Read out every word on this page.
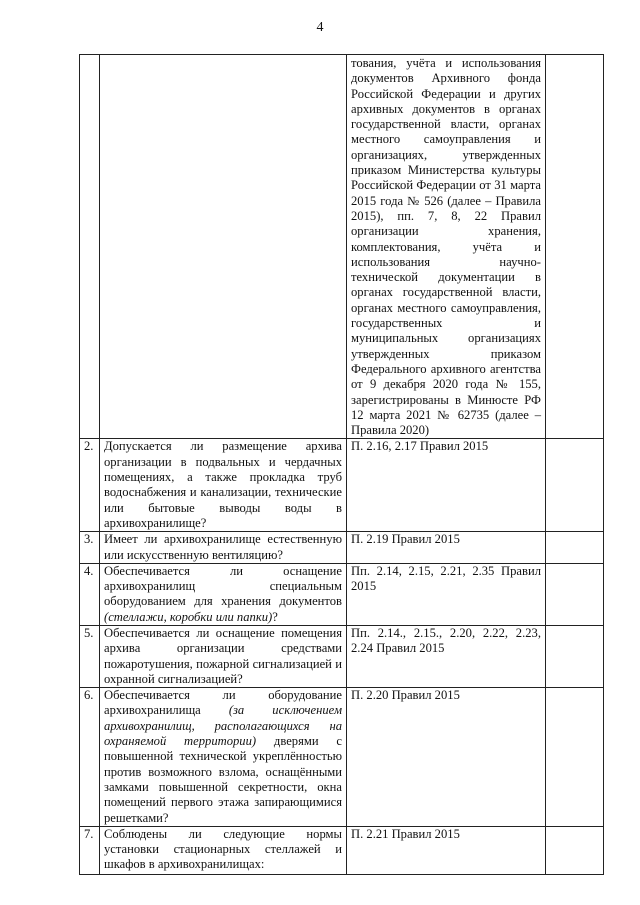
4
		тования, учёта и использования документов Архивного фонда Российской Федерации и других архивных документов в органах государственной власти, органах местного самоуправления и организациях, утвержденных приказом Министерства культуры Российской Федерации от 31 марта 2015 года № 526 (далее – Правила 2015), пп. 7, 8, 22 Правил организации хранения, комплектования, учёта и использования научно-технической документации в органах государственной власти, органах местного самоуправления, государственных и муниципальных организациях утвержденных приказом Федерального архивного агентства от 9 декабря 2020 года № 155, зарегистрированы в Минюсте РФ 12 марта 2021 № 62735 (далее – Правила 2020)		
2.	Допускается ли размещение архива организации в подвальных и чердачных помещениях, а также прокладка труб водоснабжения и канализации, технические или бытовые выводы воды в архивохранилище?	П. 2.16, 2.17 Правил 2015		
3.	Имеет ли архивохранилище естественную или искусственную вентиляцию?	П. 2.19 Правил 2015		
4.	Обеспечивается ли оснащение архивохранилищ специальным оборудованием для хранения документов (стеллажи, коробки или папки)?	Пп. 2.14, 2.15, 2.21, 2.35 Правил 2015		
5.	Обеспечивается ли оснащение помещения архива организации средствами пожаротушения, пожарной сигнализацией и охранной сигнализацией?	Пп. 2.14., 2.15., 2.20, 2.22, 2.23, 2.24 Правил 2015		
6.	Обеспечивается ли оборудование архивохранилища (за исключением архивохранилищ, располагающихся на охраняемой территории) дверями с повышенной технической укреплённостью против возможного взлома, оснащёнными замками повышенной секретности, окна помещений первого этажа запирающимися решетками?	П. 2.20 Правил 2015		
7.	Соблюдены ли следующие нормы установки стационарных стеллажей и шкафов в архивохранилищах:	П. 2.21 Правил 2015		
